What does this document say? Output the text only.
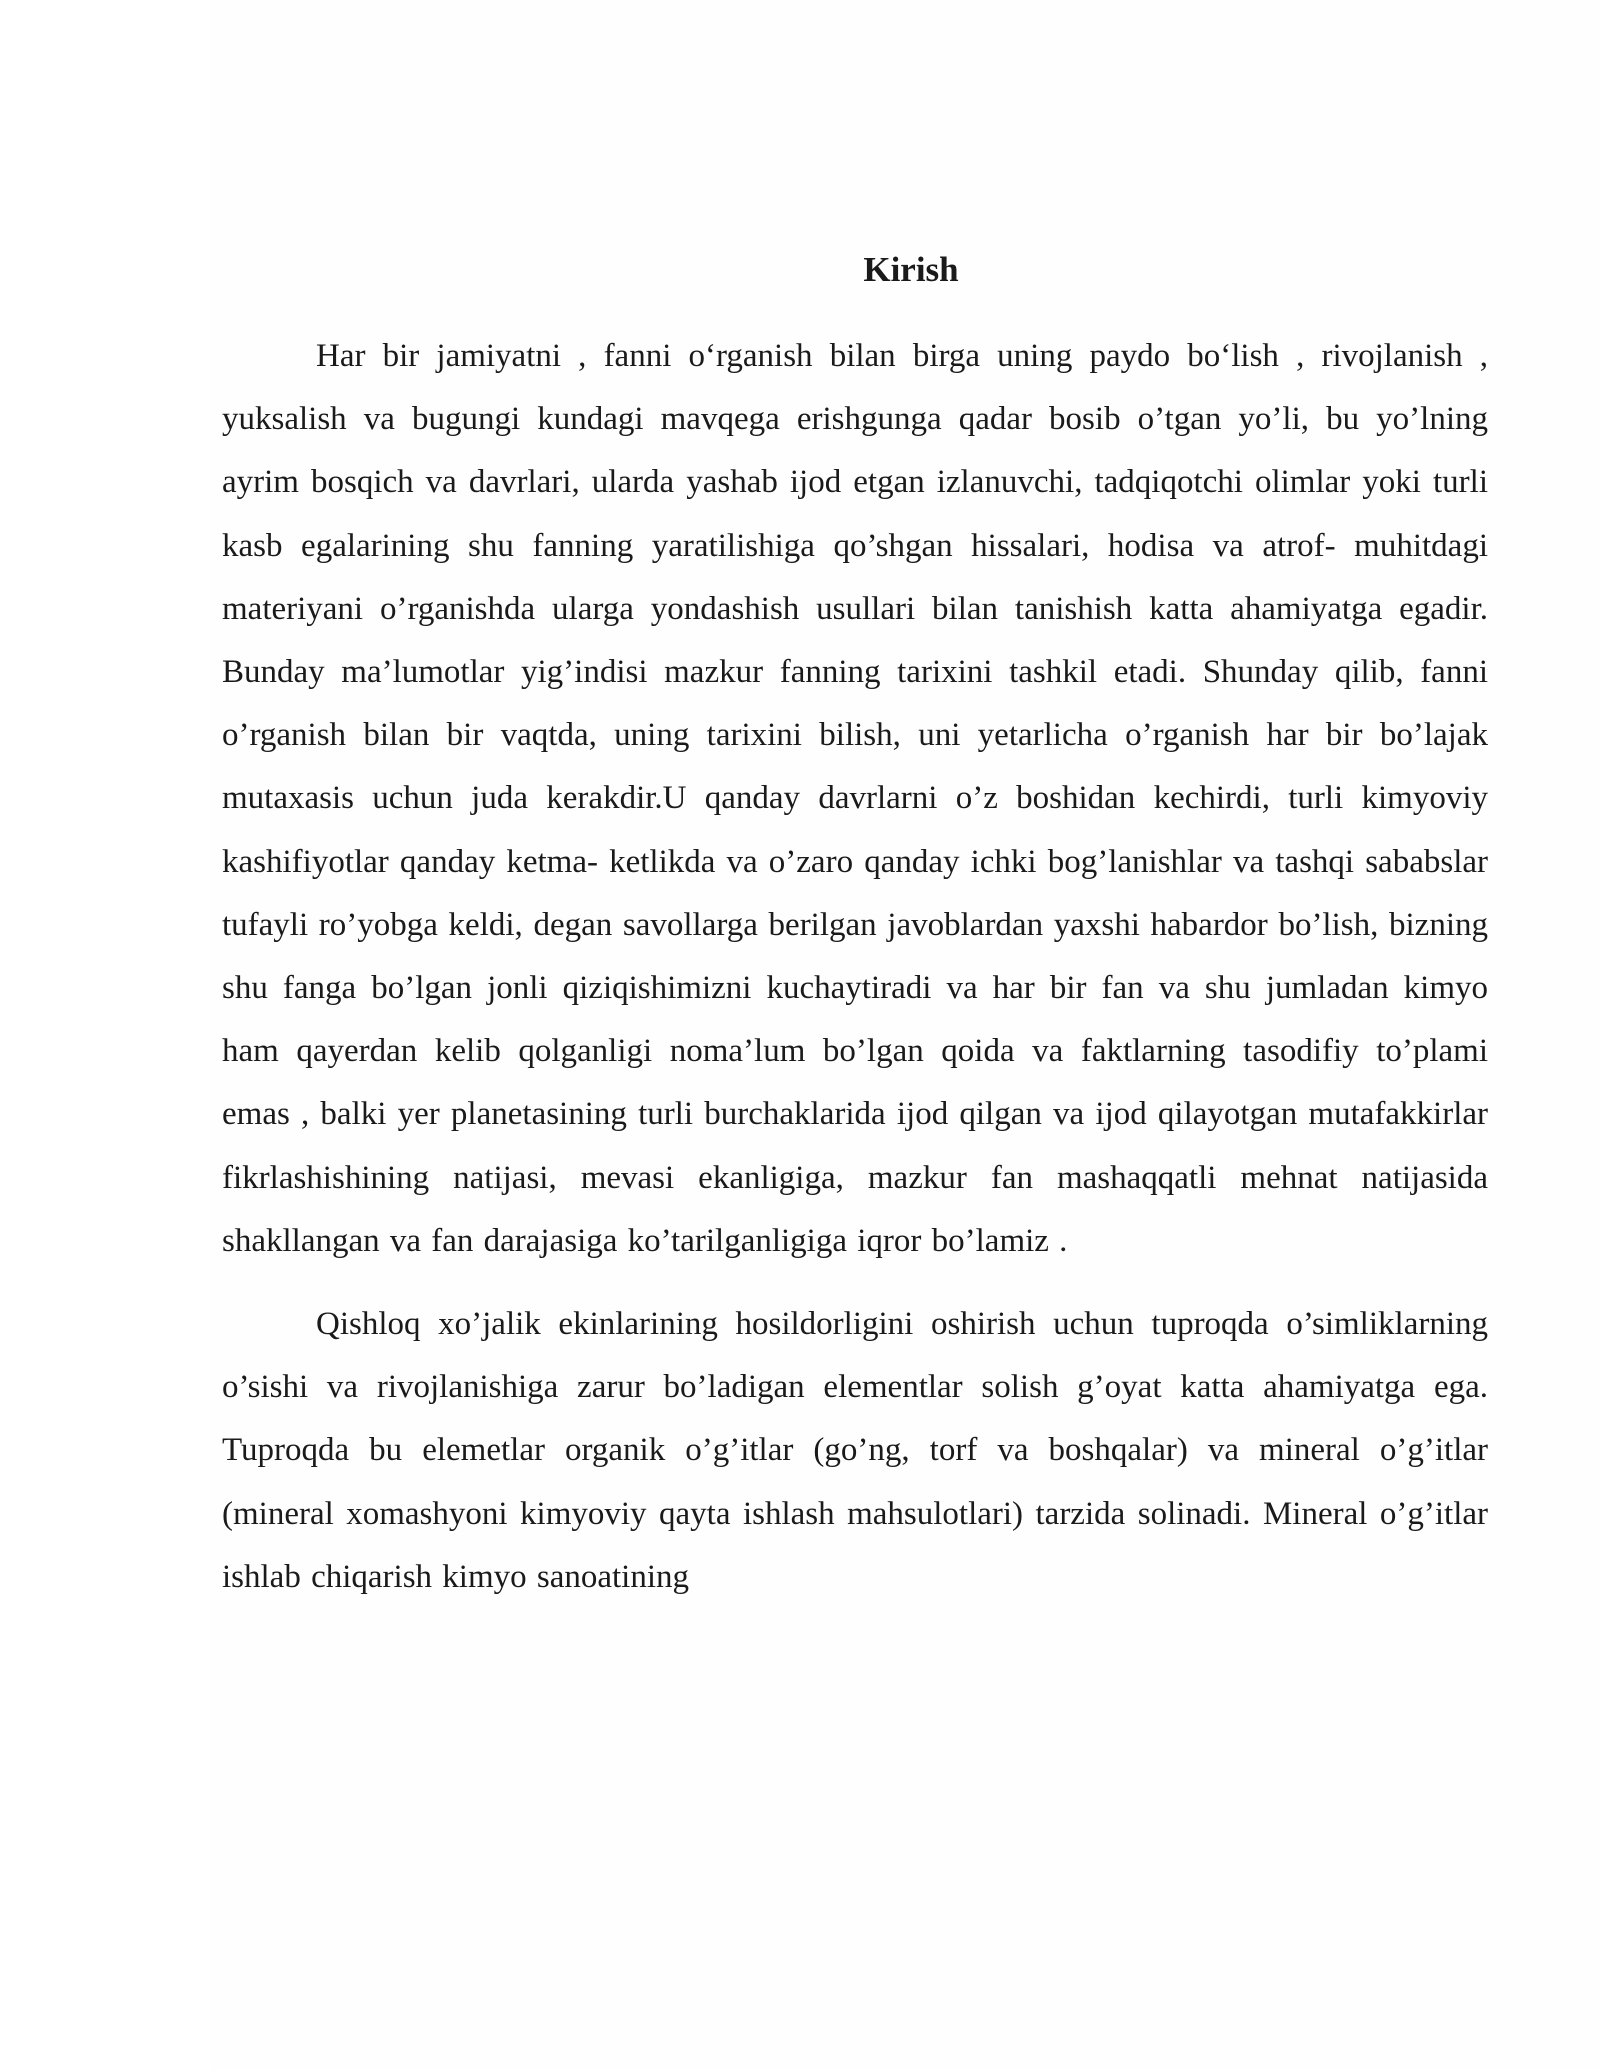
Kirish

Har bir jamiyatni , fanni o‘rganish bilan birga uning paydo bo‘lish , rivojlanish , yuksalish va bugungi kundagi mavqega erishgunga qadar bosib o’tgan yo’li, bu yo’lning ayrim bosqich va davrlari, ularda yashab ijod etgan izlanuvchi, tadqiqotchi olimlar yoki turli kasb egalarining shu fanning yaratilishiga qo’shgan hissalari, hodisa va atrof- muhitdagi materiyani o’rganishda ularga yondashish usullari bilan tanishish katta ahamiyatga egadir. Bunday ma’lumotlar yig’indisi mazkur fanning tarixini tashkil etadi. Shunday qilib, fanni o’rganish bilan bir vaqtda, uning tarixini bilish, uni yetarlicha o’rganish har bir bo’lajak mutaxasis uchun juda kerakdir.U qanday davrlarni o’z boshidan kechirdi, turli kimyoviy kashifiyotlar qanday ketma- ketlikda va o’zaro qanday ichki bog’lanishlar va tashqi sababslar tufayli ro’yobga keldi, degan savollarga berilgan javoblardan yaxshi habardor bo’lish, bizning shu fanga bo’lgan jonli qiziqishimizni kuchaytiradi va har bir fan va shu jumladan kimyo ham qayerdan kelib qolganligi noma’lum bo’lgan qoida va faktlarning tasodifiy to’plami emas , balki yer planetasining turli burchaklarida ijod qilgan va ijod qilayotgan mutafakkirlar fikrlashishining natijasi, mevasi ekanligiga, mazkur fan mashaqqatli mehnat natijasida shakllangan va fan darajasiga ko’tarilganligiga iqror bo’lamiz .

Qishloq xo’jalik ekinlarining hosildorligini oshirish uchun tuproqda o’simliklarning o’sishi va rivojlanishiga zarur bo’ladigan elementlar solish g’oyat katta ahamiyatga ega. Tuproqda bu elemetlar organik o’g’itlar (go’ng, torf va boshqalar) va mineral o’g’itlar (mineral xomashyoni kimyoviy qayta ishlash mahsulotlari) tarzida solinadi. Mineral o’g’itlar ishlab chiqarish kimyo sanoatining
